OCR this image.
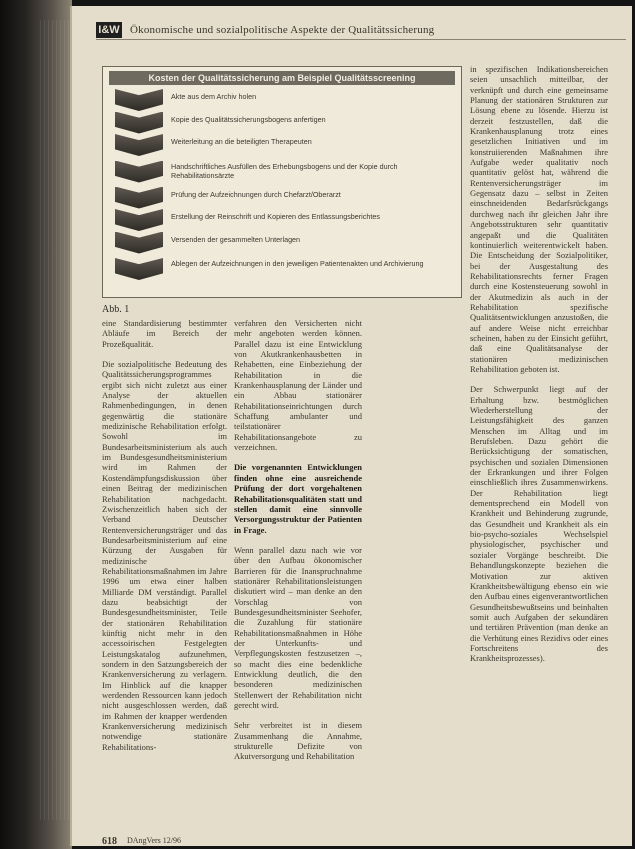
I&W Ökonomische und sozialpolitische Aspekte der Qualitätssicherung
Kosten der Qualitätssicherung am Beispiel Qualitätsscreening
Akte aus dem Archiv holen
Kopie des Qualitätssicherungsbogens anfertigen
Weiterleitung an die beteiligten Therapeuten
Handschriftliches Ausfüllen des Erhebungsbogens und der Kopie durch Rehabilitationsärzte
Prüfung der Aufzeichnungen durch Chefarzt/Oberarzt
Erstellung der Reinschrift und Kopieren des Entlassungsberichtes
Versenden der gesammelten Unterlagen
Ablegen der Aufzeichnungen in den jeweiligen Patientenakten und Archivierung
Abb. 1

eine Standardisierung bestimmter Abläufe im Bereich der Prozeßqualität.

Die sozialpolitische Bedeutung des Qualitätssicherungsprogrammes ergibt sich nicht zuletzt aus einer Analyse der aktuellen Rahmenbedingungen, in denen gegenwärtig die stationäre medizinische Rehabilitation erfolgt. Sowohl im Bundesarbeitsministerium als auch im Bundesgesundheitsministerium wird im Rahmen der Kostendämpfungsdiskussion über einen Beitrag der medizinischen Rehabilitation nachgedacht. Zwischenzeitlich haben sich der Verband Deutscher Rentenversicherungsträger und das Bundesarbeitsministerium auf eine Kürzung der Ausgaben für medizinische Rehabilitationsmaßnahmen im Jahre 1996 um etwa einer halben Milliarde DM verständigt. Parallel dazu beabsichtigt der Bundesgesundheitsminister, Teile der stationären Rehabilitation künftig nicht mehr in den accessoirischen Festgelegten Leistungskatalog aufzunehmen, sondern in den Satzungsbereich der Krankenversicherung zu verlagern. Im Hinblick auf die knapper werdenden Ressourcen kann jedoch nicht ausgeschlossen werden, daß im Rahmen der knapper werdenden Krankenversicherung medizinisch notwendige stationäre Rehabilitations-

verfahren den Versicherten nicht mehr angeboten werden können. Parallel dazu ist eine Entwicklung von Akutkrankenhausbetten in Rehabetten, eine Einbeziehung der Rehabilitation in die Krankenhausplanung der Länder und ein Abbau stationärer Rehabilitationseinrichtungen durch Schaffung ambulanter und teilstationärer Rehabilitationsangebote zu verzeichnen.

Die vorgenannten Entwicklungen finden ohne eine ausreichende Prüfung der dort vorgehaltenen Rehabilitationsqualitäten statt und stellen damit eine sinnvolle Versorgungsstruktur der Patienten in Frage.

Wenn parallel dazu nach wie vor über den Aufbau ökonomischer Barrieren für die Inanspruchnahme stationärer Rehabilitationsleistungen diskutiert wird – man denke an den Vorschlag von Bundesgesundheitsminister Seehofer, die Zuzahlung für stationäre Rehabilitationsmaßnahmen in Höhe der Unterkunfts- und Verpflegungskosten festzusetzen –, so macht dies eine bedenkliche Entwicklung deutlich, die den besonderen medizinischen Stellenwert der Rehabilitation nicht gerecht wird.

Sehr verbreitet ist in diesem Zusammenhang die Annahme, strukturelle Defizite von Akutversorgung und Rehabilitation

in spezifischen Indikationsbereichen seien unsachlich mitteilbar, der verknüpft und durch eine gemeinsame Planung der stationären Strukturen zur Lösung ebene zu lösende. Hierzu ist derzeit festzustellen, daß die Krankenhausplanung trotz eines gesetzlichen Initiativen und im konstruiierenden Maßnahmen ihre Aufgabe weder qualitativ noch quantitativ gelöst hat, während die Rentenversicherungsträger im Gegensatz dazu – selbst in Zeiten einschneidenden Bedarfsrückgangs durchweg nach ihr gleichen Jahr ihre Angebotsstrukturen sehr quantitativ angepaßt und die Qualitäten kontinuierlich weiterentwickelt haben. Die Entscheidung der Sozialpolitiker, bei der Ausgestaltung des Rehabilitationsrechts ferner Fragen durch eine Kostensteuerung sowohl in der Akutmedizin als auch in der Rehabilitation spezifische Qualitätsentwicklungen anzustoßen, die auf andere Weise nicht erreichbar scheinen, haben zu der Einsicht geführt, daß eine Qualitätsanalyse der stationären medizinischen Rehabilitation geboten ist.

Der Schwerpunkt liegt auf der Erhaltung bzw. bestmöglichen Wiederherstellung der Leistungsfähigkeit des ganzen Menschen im Alltag und im Berufsleben. Dazu gehört die Berücksichtigung der somatischen, psychischen und sozialen Dimensionen der Erkrankungen und ihrer Folgen einschließlich ihres Zusammenwirkens. Der Rehabilitation liegt dementsprechend ein Modell von Krankheit und Behinderung zugrunde, das Gesundheit und Krankheit als ein bio-psycho-soziales Wechselspiel physiologischer, psychischer und sozialer Vorgänge beschreibt. Die Behandlungskonzepte beziehen die Motivation zur aktiven Krankheitsbewältigung ebenso ein wie den Aufbau eines eigenverantwortlichen Gesundheitsbewußtseins und beinhalten somit auch Aufgaben der sekundären und tertiären Prävention (man denke an die Verhütung eines Rezidivs oder eines Fortschreitens des Krankheitsprozesses).

618 DAngVers 12/96
